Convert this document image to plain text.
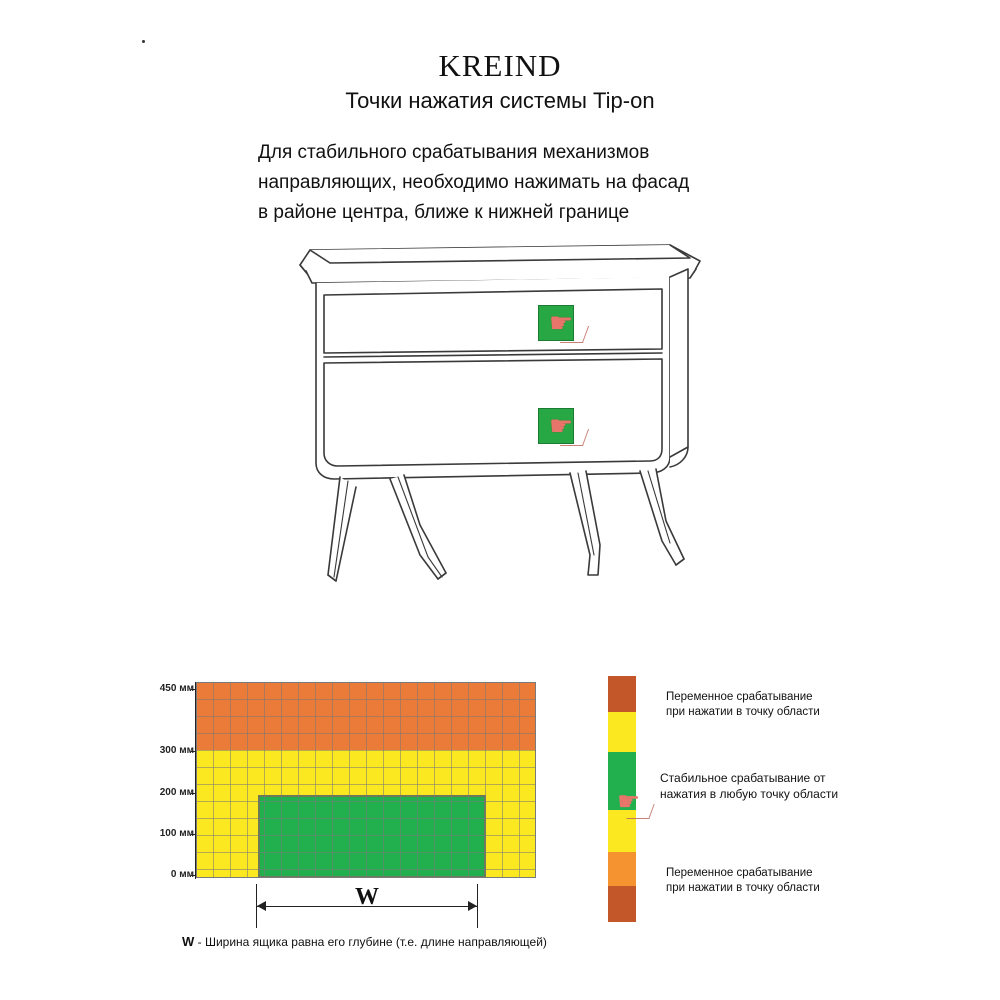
KREIND
Точки нажатия системы Tip-on
Для стабильного срабатывания механизмов
направляющих, необходимо нажимать на фасад
в районе центра, ближе к нижней границе
☛
☛
450 мм
300 мм
200 мм
100 мм
0 мм
W
W - Ширина ящика равна его глубине (т.е. длине направляющей)
☛
Переменное срабатывание
при нажатии в точку области
Стабильное срабатывание от
нажатия в любую точку области
Переменное срабатывание
при нажатии в точку области
